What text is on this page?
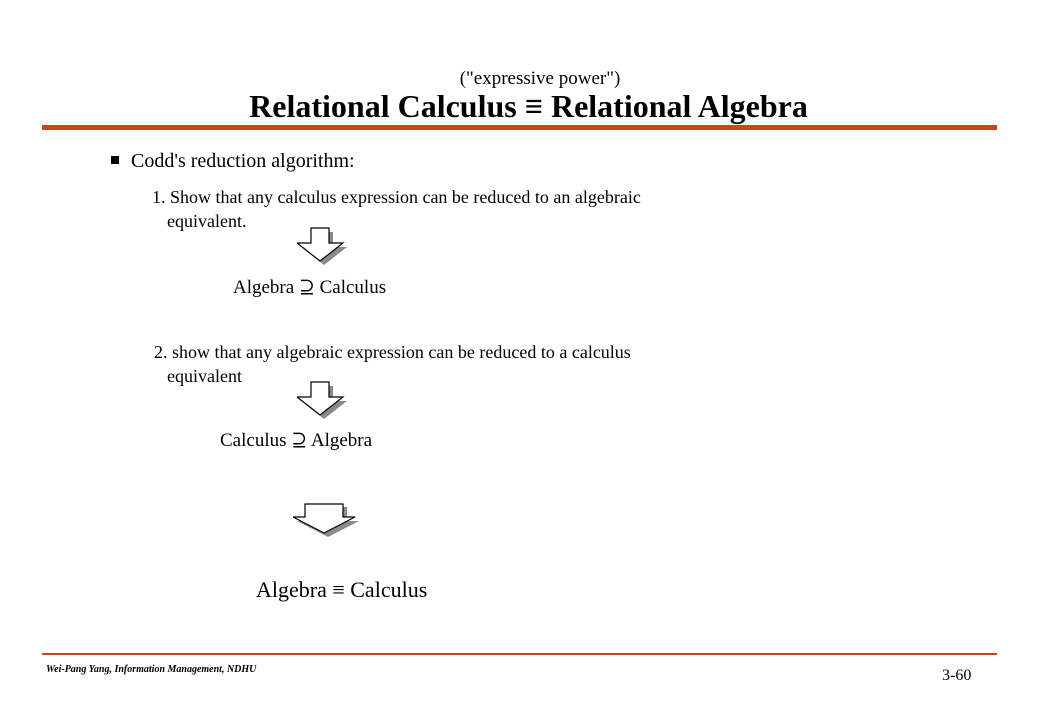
("expressive power")
Relational Calculus ≡ Relational Algebra
Codd's reduction algorithm:
1. Show that any calculus expression can be reduced to an algebraic
equivalent.
Algebra ⊇ Calculus
2. show that any algebraic expression can be reduced to a calculus
equivalent
Calculus ⊇ Algebra
Algebra ≡ Calculus
Wei-Pang Yang, Information Management, NDHU	3-60
